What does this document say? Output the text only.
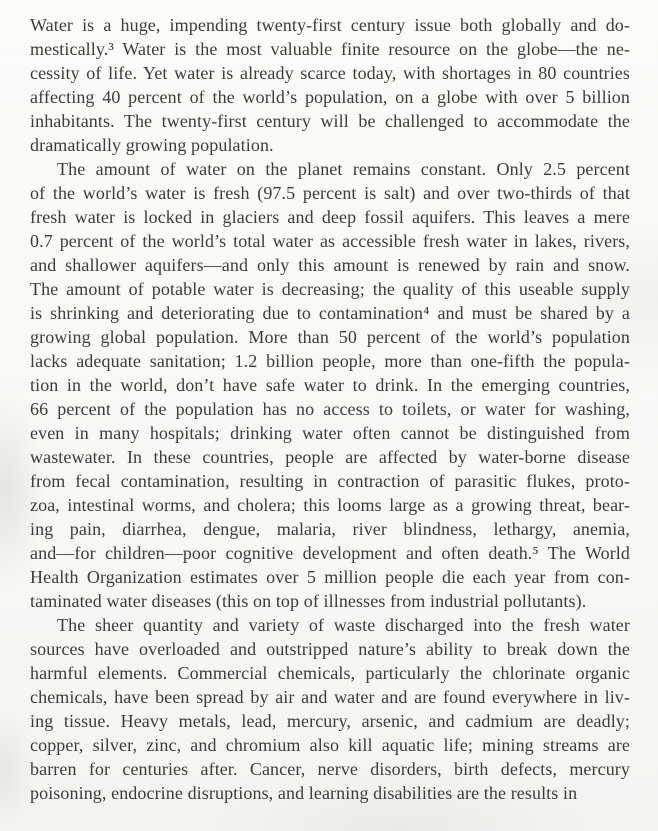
Water is a huge, impending twenty-first century issue both globally and do-
mestically.³ Water is the most valuable finite resource on the globe—the ne-
cessity of life. Yet water is already scarce today, with shortages in 80 countries
affecting 40 percent of the world’s population, on a globe with over 5 billion
inhabitants. The twenty-first century will be challenged to accommodate the
dramatically growing population.
The amount of water on the planet remains constant. Only 2.5 percent
of the world’s water is fresh (97.5 percent is salt) and over two-thirds of that
fresh water is locked in glaciers and deep fossil aquifers. This leaves a mere
0.7 percent of the world’s total water as accessible fresh water in lakes, rivers,
and shallower aquifers—and only this amount is renewed by rain and snow.
The amount of potable water is decreasing; the quality of this useable supply
is shrinking and deteriorating due to contamination⁴ and must be shared by a
growing global population. More than 50 percent of the world’s population
lacks adequate sanitation; 1.2 billion people, more than one-fifth the popula-
tion in the world, don’t have safe water to drink. In the emerging countries,
66 percent of the population has no access to toilets, or water for washing,
even in many hospitals; drinking water often cannot be distinguished from
wastewater. In these countries, people are affected by water-borne disease
from fecal contamination, resulting in contraction of parasitic flukes, proto-
zoa, intestinal worms, and cholera; this looms large as a growing threat, bear-
ing pain, diarrhea, dengue, malaria, river blindness, lethargy, anemia,
and—for children—poor cognitive development and often death.⁵ The World
Health Organization estimates over 5 million people die each year from con-
taminated water diseases (this on top of illnesses from industrial pollutants).
The sheer quantity and variety of waste discharged into the fresh water
sources have overloaded and outstripped nature’s ability to break down the
harmful elements. Commercial chemicals, particularly the chlorinate organic
chemicals, have been spread by air and water and are found everywhere in liv-
ing tissue. Heavy metals, lead, mercury, arsenic, and cadmium are deadly;
copper, silver, zinc, and chromium also kill aquatic life; mining streams are
barren for centuries after. Cancer, nerve disorders, birth defects, mercury
poisoning, endocrine disruptions, and learning disabilities are the results in
